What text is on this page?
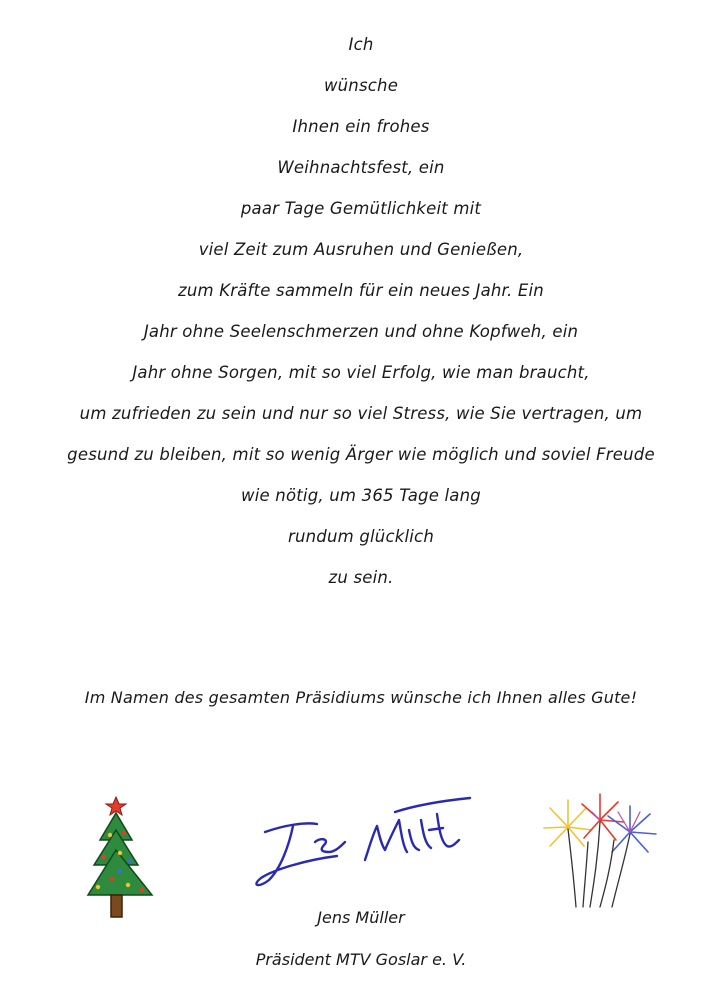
Ich
wünsche
Ihnen ein frohes
Weihnachtsfest, ein
paar Tage Gemütlichkeit mit
viel Zeit zum Ausruhen und Genießen,
zum Kräfte sammeln für ein neues Jahr. Ein
Jahr ohne Seelenschmerzen und ohne Kopfweh, ein
Jahr ohne Sorgen, mit so viel Erfolg, wie man braucht,
um zufrieden zu sein und nur so viel Stress, wie Sie vertragen, um
gesund zu bleiben, mit so wenig Ärger wie möglich und soviel Freude
wie nötig, um 365 Tage lang
rundum glücklich
zu sein.
Im Namen des gesamten Präsidiums wünsche ich Ihnen alles Gute!
Jens Müller
Präsident MTV Goslar e. V.
